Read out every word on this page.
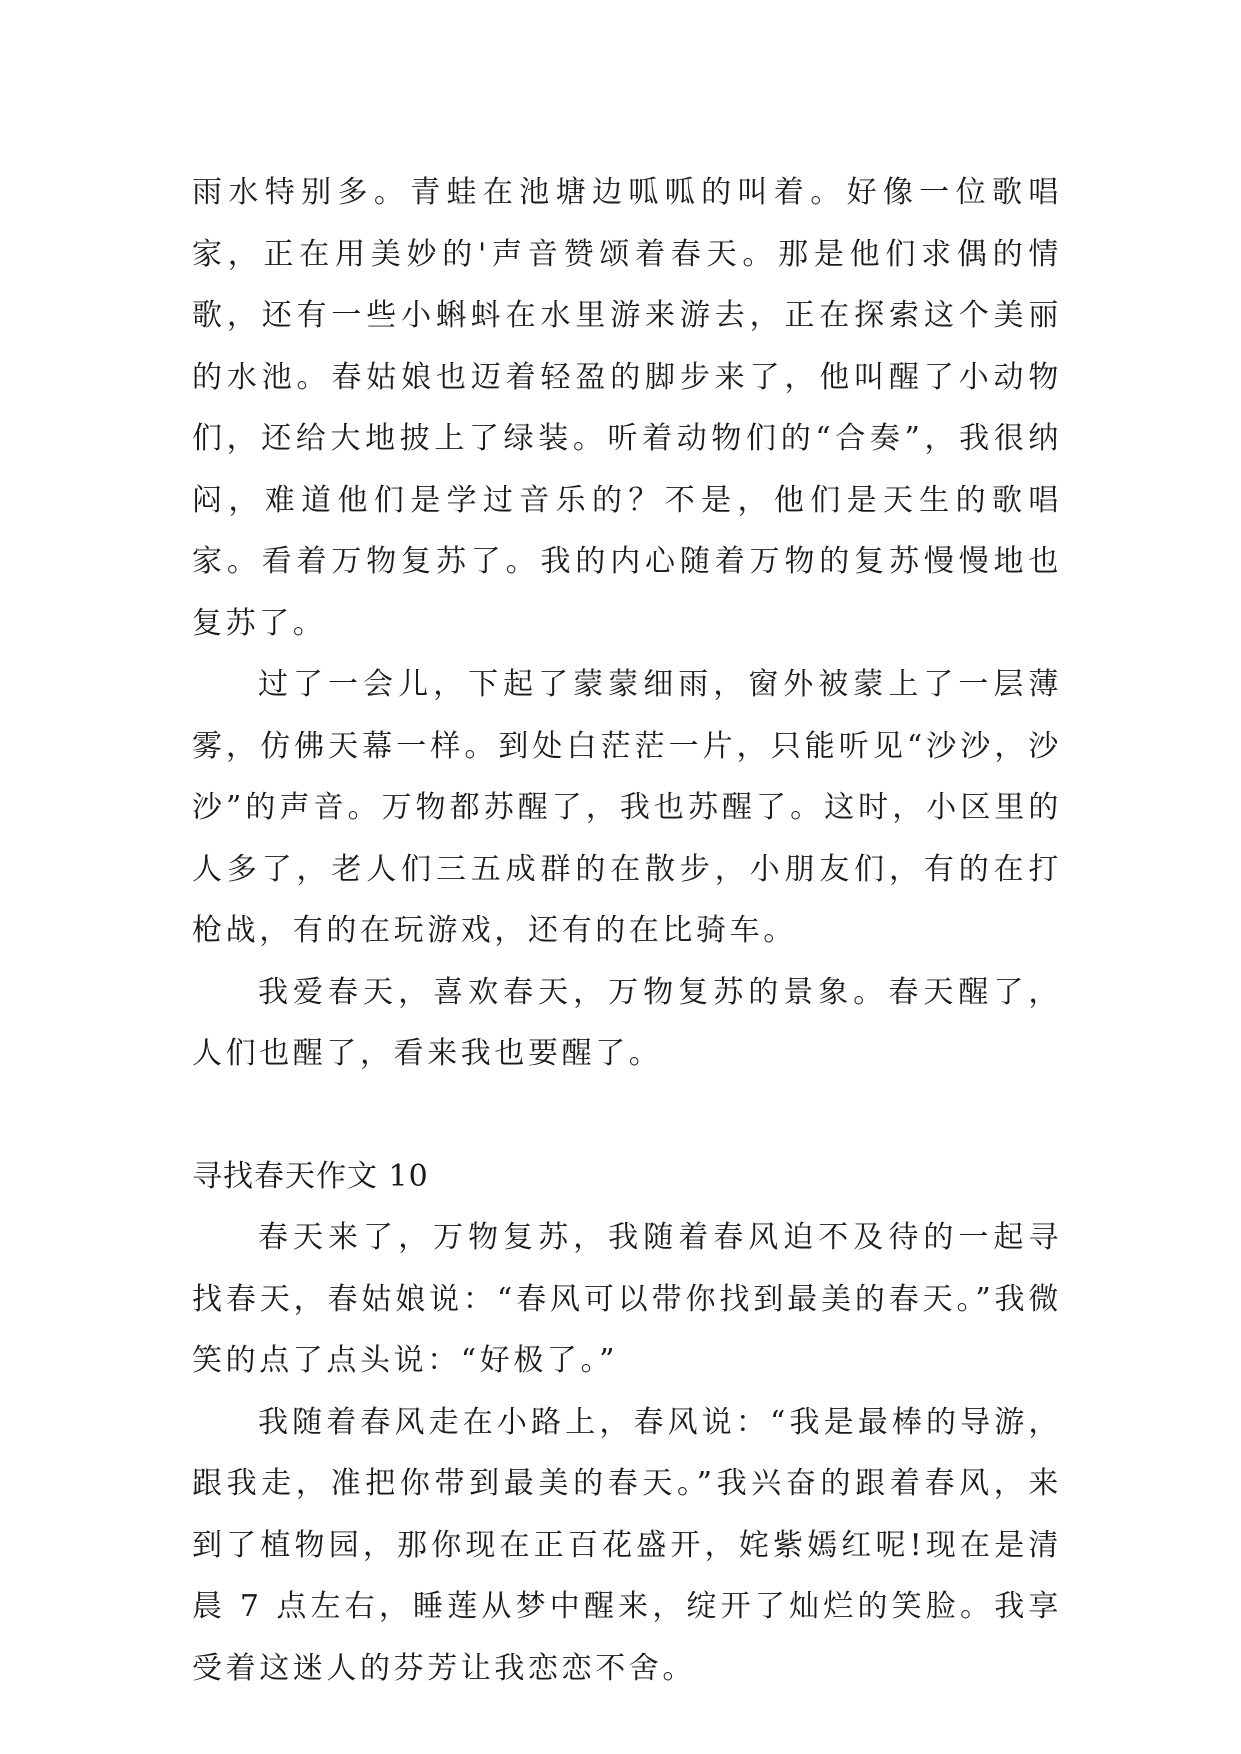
雨水特别多。青蛙在池塘边呱呱的叫着。好像一位歌唱家，正在用美妙的'声音赞颂着春天。那是他们求偶的情歌，还有一些小蝌蚪在水里游来游去，正在探索这个美丽的水池。春姑娘也迈着轻盈的脚步来了，他叫醒了小动物们，还给大地披上了绿装。听着动物们的“合奏”，我很纳闷，难道他们是学过音乐的？不是，他们是天生的歌唱家。看着万物复苏了。我的内心随着万物的复苏慢慢地也复苏了。

过了一会儿，下起了蒙蒙细雨，窗外被蒙上了一层薄雾，仿佛天幕一样。到处白茫茫一片，只能听见“沙沙，沙沙”的声音。万物都苏醒了，我也苏醒了。这时，小区里的人多了，老人们三五成群的在散步，小朋友们，有的在打枪战，有的在玩游戏，还有的在比骑车。

我爱春天，喜欢春天，万物复苏的景象。春天醒了，人们也醒了，看来我也要醒了。

寻找春天作文 10

春天来了，万物复苏，我随着春风迫不及待的一起寻找春天，春姑娘说：“春风可以带你找到最美的春天。”我微笑的点了点头说：“好极了。”

我随着春风走在小路上，春风说：“我是最棒的导游，跟我走，准把你带到最美的春天。”我兴奋的跟着春风，来到了植物园，那你现在正百花盛开，姹紫嫣红呢!现在是清晨 7 点左右，睡莲从梦中醒来，绽开了灿烂的笑脸。我享受着这迷人的芬芳让我恋恋不舍。
